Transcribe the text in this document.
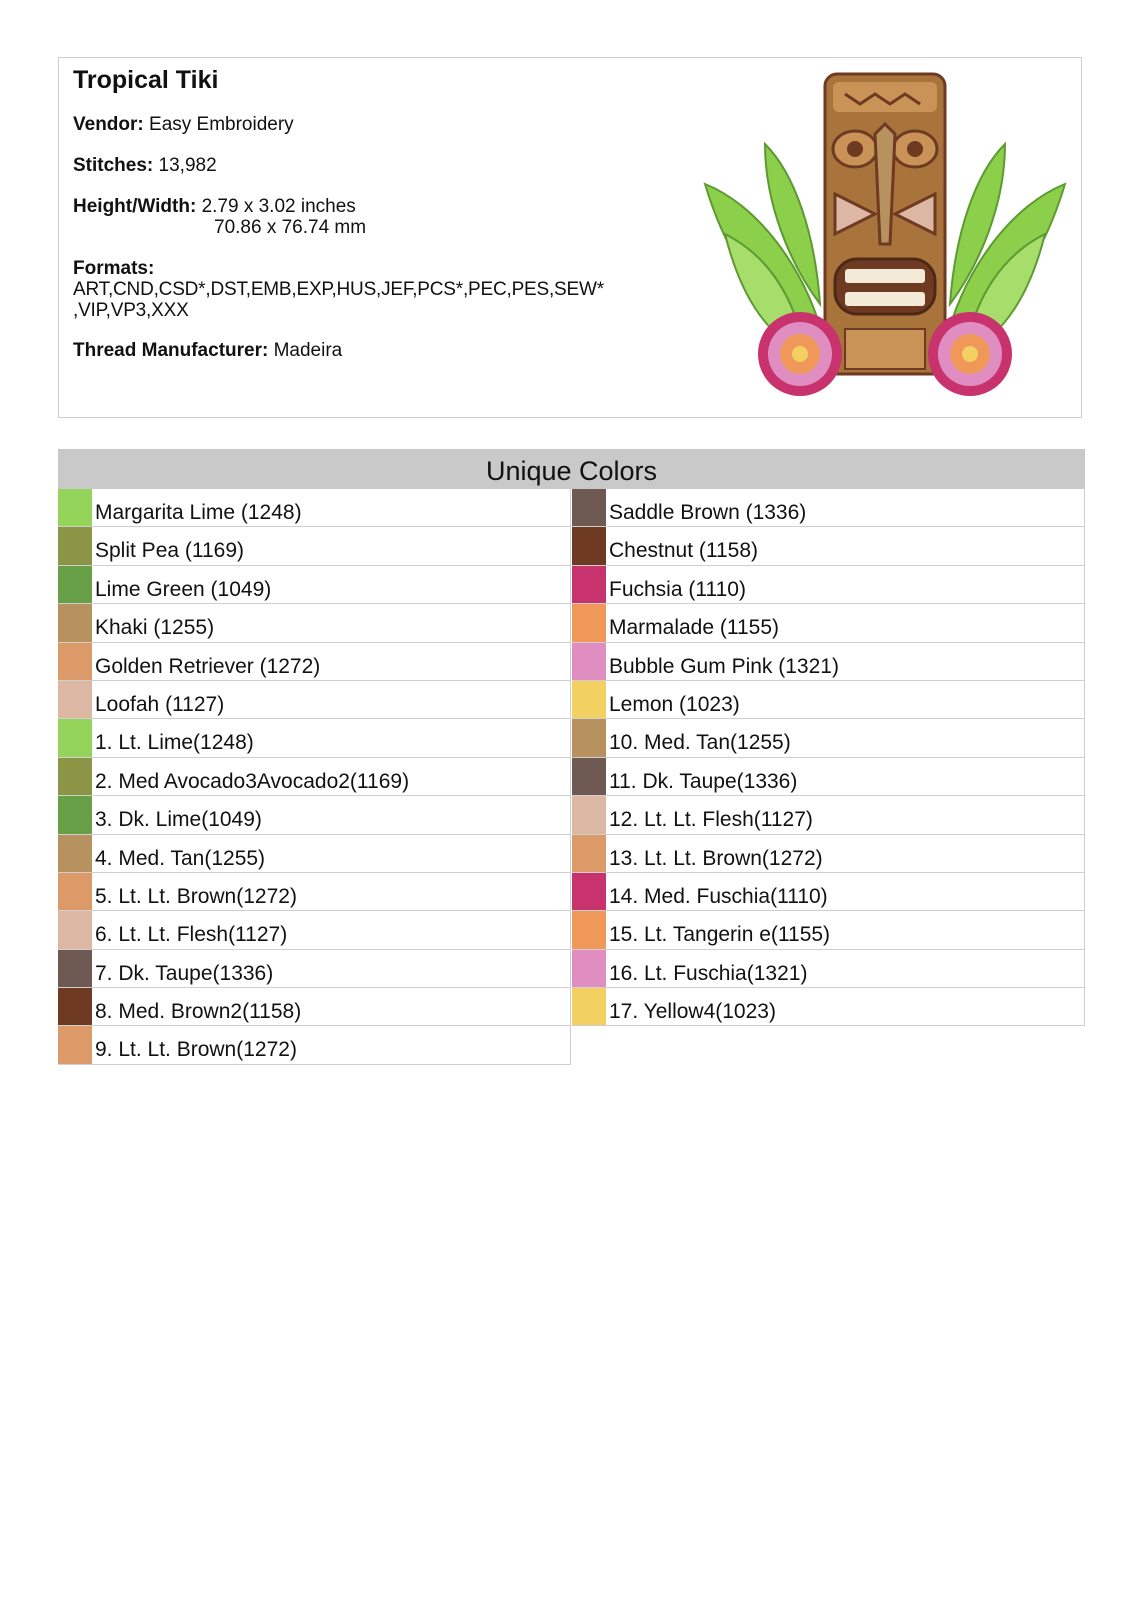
Tropical Tiki
Vendor: Easy Embroidery
Stitches: 13,982
Height/Width: 2.79 x 3.02 inches
70.86 x 76.74 mm
Formats:
ART,CND,CSD*,DST,EMB,EXP,HUS,JEF,PCS*,PEC,PES,SEW*
,VIP,VP3,XXX
Thread Manufacturer: Madeira
Unique Colors
Margarita Lime (1248)
Split Pea (1169)
Lime Green (1049)
Khaki (1255)
Golden Retriever (1272)
Loofah (1127)
1. Lt. Lime(1248)
2. Med Avocado3Avocado2(1169)
3. Dk. Lime(1049)
4. Med. Tan(1255)
5. Lt. Lt. Brown(1272)
6. Lt. Lt. Flesh(1127)
7. Dk. Taupe(1336)
8. Med. Brown2(1158)
9. Lt. Lt. Brown(1272)
Saddle Brown (1336)
Chestnut (1158)
Fuchsia (1110)
Marmalade (1155)
Bubble Gum Pink (1321)
Lemon (1023)
10. Med. Tan(1255)
11. Dk. Taupe(1336)
12. Lt. Lt. Flesh(1127)
13. Lt. Lt. Brown(1272)
14. Med. Fuschia(1110)
15. Lt. Tangerin e(1155)
16. Lt. Fuschia(1321)
17. Yellow4(1023)
